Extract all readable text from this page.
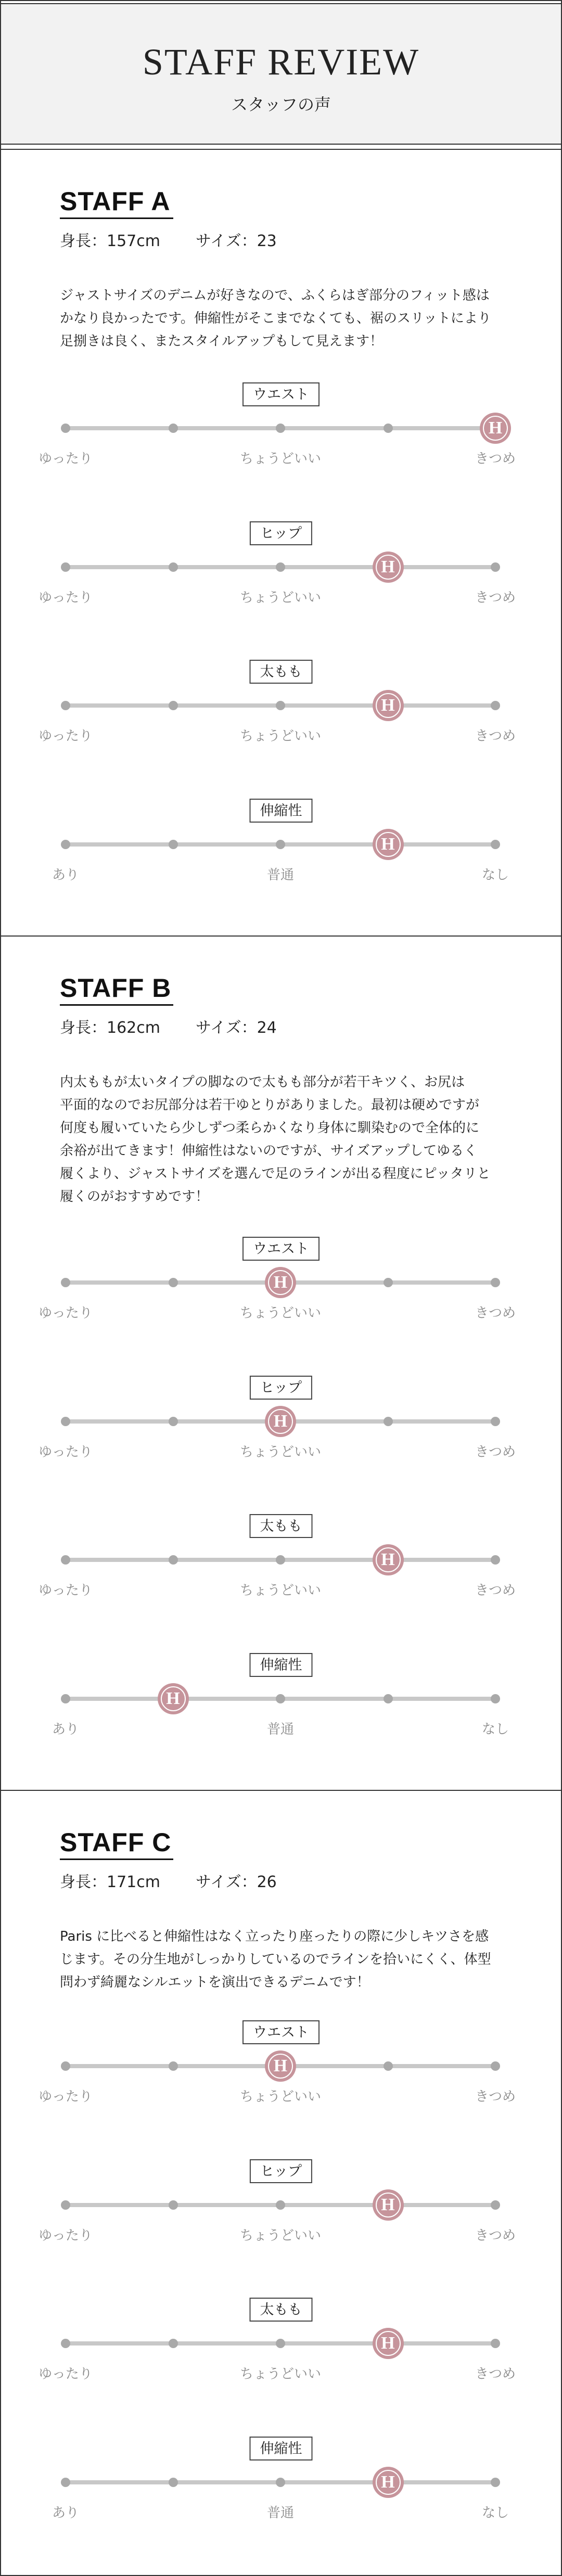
STAFF REVIEW
スタッフの声
STAFF A
身長：157cm サイズ：23
ジャストサイズのデニムが好きなので、ふくらはぎ部分のフィット感は
かなり良かったです。伸縮性がそこまでなくても、裾のスリットにより
足捌きは良く、またスタイルアップもして見えます！
ウエスト
H
ゆったり	ちょうどいい	きつめ
ヒップ
H
ゆったり	ちょうどいい	きつめ
太もも
H
ゆったり	ちょうどいい	きつめ
伸縮性
H
あり	普通	なし
STAFF B
身長：162cm サイズ：24
内太ももが太いタイプの脚なので太もも部分が若干キツく、お尻は
平面的なのでお尻部分は若干ゆとりがありました。最初は硬めですが
何度も履いていたら少しずつ柔らかくなり身体に馴染むので全体的に
余裕が出てきます！伸縮性はないのですが、サイズアップしてゆるく
履くより、ジャストサイズを選んで足のラインが出る程度にピッタリと
履くのがおすすめです！
ウエスト
H
ゆったり	ちょうどいい	きつめ
ヒップ
H
ゆったり	ちょうどいい	きつめ
太もも
H
ゆったり	ちょうどいい	きつめ
伸縮性
H
あり	普通	なし
STAFF C
身長：171cm サイズ：26
Paris に比べると伸縮性はなく立ったり座ったりの際に少しキツさを感
じます。その分生地がしっかりしているのでラインを拾いにくく、体型
問わず綺麗なシルエットを演出できるデニムです！
ウエスト
H
ゆったり	ちょうどいい	きつめ
ヒップ
H
ゆったり	ちょうどいい	きつめ
太もも
H
ゆったり	ちょうどいい	きつめ
伸縮性
H
あり	普通	なし
